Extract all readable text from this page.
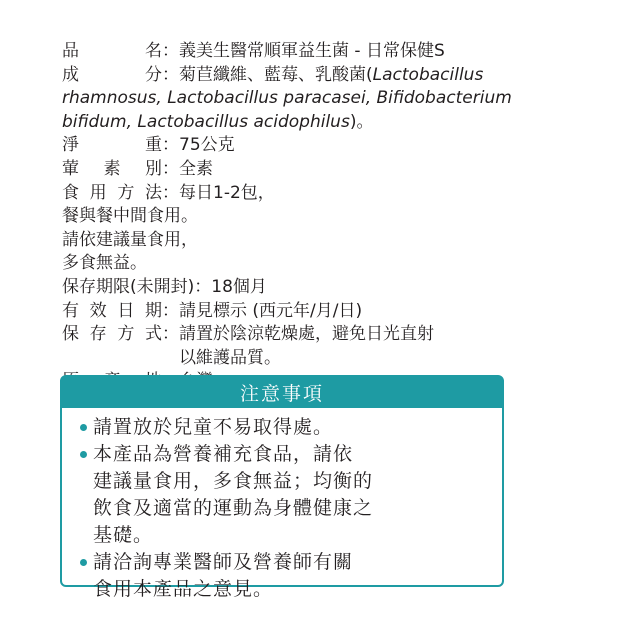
品名 ： 義美生醫常順軍益生菌 - 日常保健S
成分 ： 菊苣纖維、藍莓、乳酸菌(Lactobacillus
rhamnosus, Lactobacillus paracasei, Bifidobacterium
bifidum, Lactobacillus acidophilus)。
淨重 ： 75公克
葷素別 ： 全素
食用方法 ： 每日1-2包，
餐與餐中間食用。
請依建議量食用，
多食無益。
保存期限(未開封) ： 18個月
有效日期 ： 請見標示 (西元年/月/日)
保存方式 ： 請置於陰涼乾燥處，避免日光直射
以維護品質。
注意事項
請置放於兒童不易取得處。
本產品為營養補充食品，請依
建議量食用，多食無益；均衡的
飲食及適當的運動為身體健康之
基礎。
請洽詢專業醫師及營養師有關
食用本產品之意見。
